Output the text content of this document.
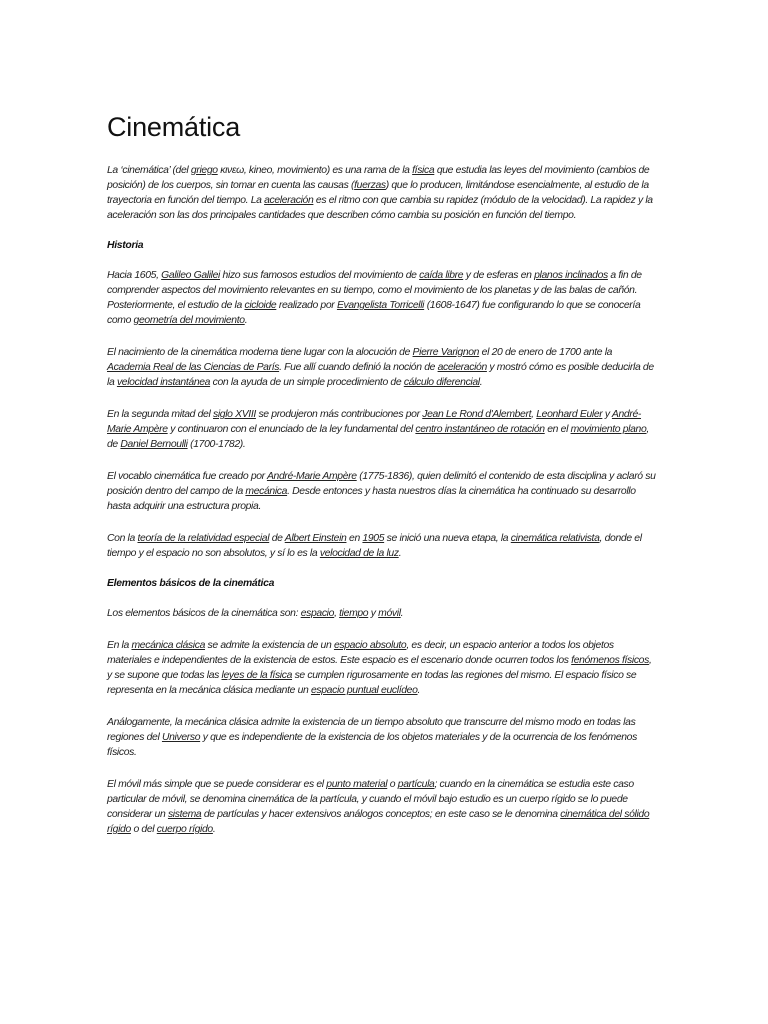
Cinemática

La ‘cinemática’ (del griego κινεω, kineo, movimiento) es una rama de la física que estudia las leyes del movimiento (cambios de posición) de los cuerpos, sin tomar en cuenta las causas (fuerzas) que lo producen, limitándose esencialmente, al estudio de la trayectoria en función del tiempo. La aceleración es el ritmo con que cambia su rapidez (módulo de la velocidad). La rapidez y la aceleración son las dos principales cantidades que describen cómo cambia su posición en función del tiempo.

Historia

Hacia 1605, Galileo Galilei hizo sus famosos estudios del movimiento de caída libre y de esferas en planos inclinados a fin de comprender aspectos del movimiento relevantes en su tiempo, como el movimiento de los planetas y de las balas de cañón. Posteriormente, el estudio de la cicloide realizado por Evangelista Torricelli (1608-1647) fue configurando lo que se conocería como geometría del movimiento.

El nacimiento de la cinemática moderna tiene lugar con la alocución de Pierre Varignon el 20 de enero de 1700 ante la Academia Real de las Ciencias de París. Fue allí cuando definió la noción de aceleración y mostró cómo es posible deducirla de la velocidad instantánea con la ayuda de un simple procedimiento de cálculo diferencial.

En la segunda mitad del siglo XVIII se produjeron más contribuciones por Jean Le Rond d'Alembert, Leonhard Euler y André-Marie Ampère y continuaron con el enunciado de la ley fundamental del centro instantáneo de rotación en el movimiento plano, de Daniel Bernoulli (1700-1782).

El vocablo cinemática fue creado por André-Marie Ampère (1775-1836), quien delimitó el contenido de esta disciplina y aclaró su posición dentro del campo de la mecánica. Desde entonces y hasta nuestros días la cinemática ha continuado su desarrollo hasta adquirir una estructura propia.

Con la teoría de la relatividad especial de Albert Einstein en 1905 se inició una nueva etapa, la cinemática relativista, donde el tiempo y el espacio no son absolutos, y sí lo es la velocidad de la luz.

Elementos básicos de la cinemática

Los elementos básicos de la cinemática son: espacio, tiempo y móvil.

En la mecánica clásica se admite la existencia de un espacio absoluto, es decir, un espacio anterior a todos los objetos materiales e independientes de la existencia de estos. Este espacio es el escenario donde ocurren todos los fenómenos físicos, y se supone que todas las leyes de la física se cumplen rigurosamente en todas las regiones del mismo. El espacio físico se representa en la mecánica clásica mediante un espacio puntual euclídeo.

Análogamente, la mecánica clásica admite la existencia de un tiempo absoluto que transcurre del mismo modo en todas las regiones del Universo y que es independiente de la existencia de los objetos materiales y de la ocurrencia de los fenómenos físicos.

El móvil más simple que se puede considerar es el punto material o partícula; cuando en la cinemática se estudia este caso particular de móvil, se denomina cinemática de la partícula, y cuando el móvil bajo estudio es un cuerpo rígido se lo puede considerar un sistema de partículas y hacer extensivos análogos conceptos; en este caso se le denomina cinemática del sólido rígido o del cuerpo rígido.
